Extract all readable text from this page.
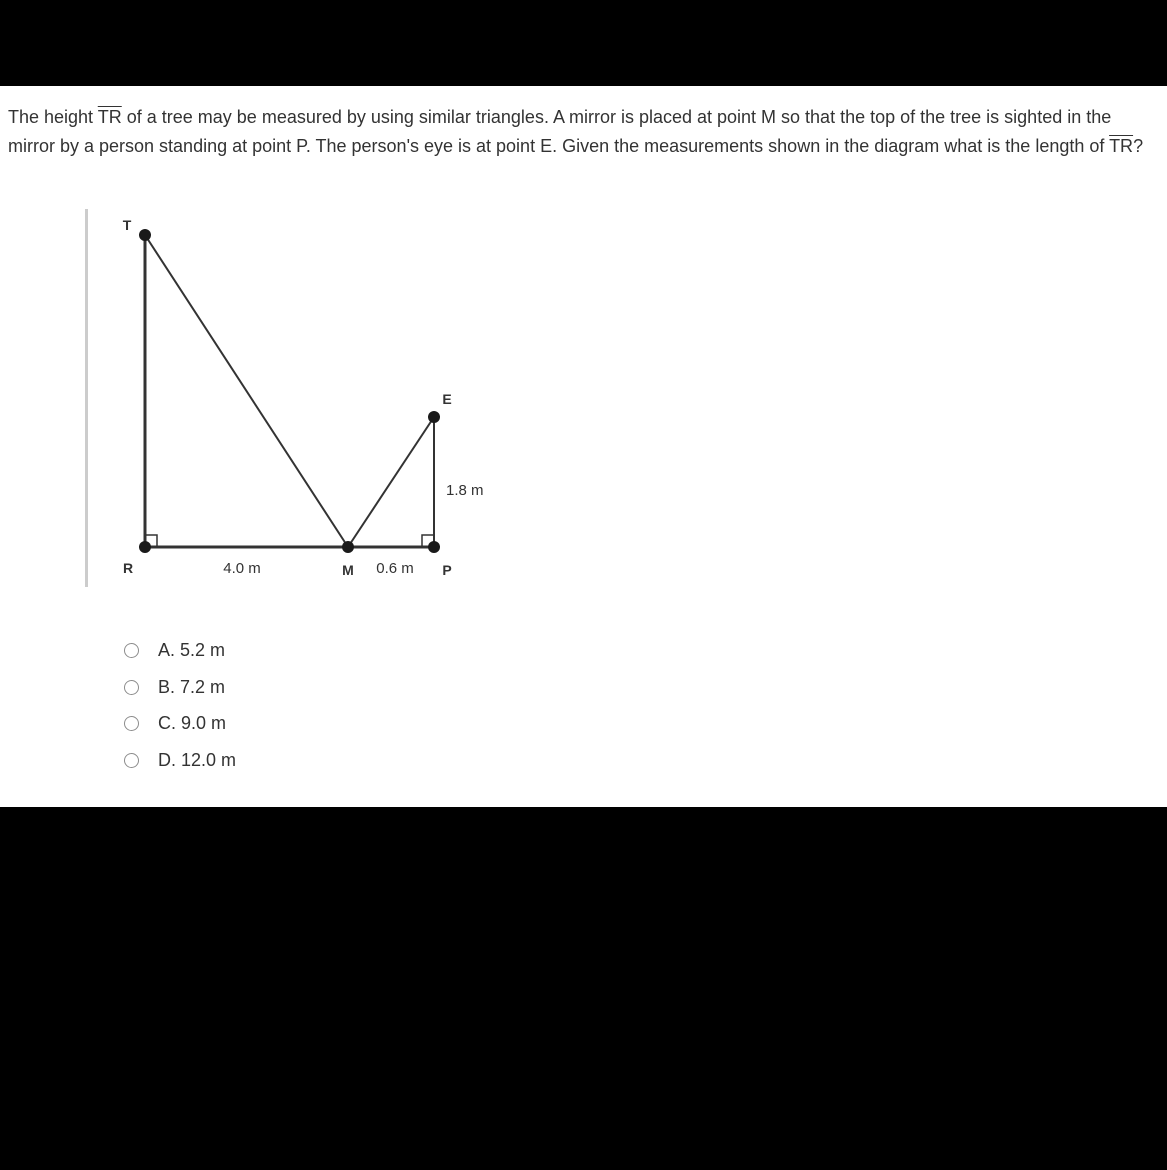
The height $\overline{TR}$ of a tree may be measured by using similar triangles. A mirror is placed at point M so that the top of the tree is sighted in the mirror by a person standing at point P. The person's eye is at point E. Given the measurements shown in the diagram what is the length of $\overline{TR}$?
T
E
R	M	P
1.8 m
4.0 m	0.6 m
A. 5.2 m
B. 7.2 m
C. 9.0 m
D. 12.0 m
